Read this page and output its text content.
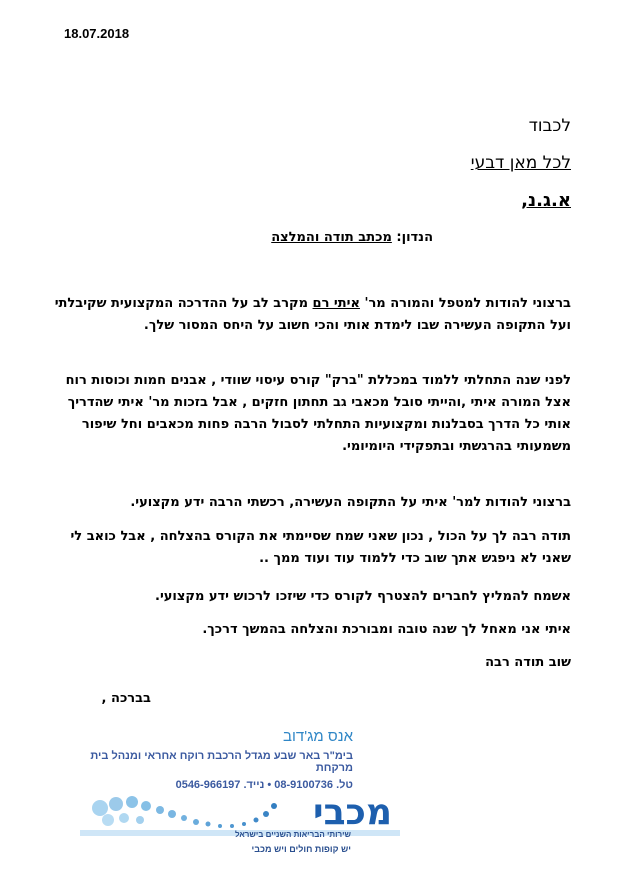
18.07.2018
לכבוד
לכל מאן דבעי
א.ג.נ,
הנדון: מכתב תודה והמלצה
ברצוני להודות למטפל והמורה מר' איתי רם מקרב לב על ההדרכה המקצועית שקיבלתי ועל התקופה העשירה שבו לימדת אותי והכי חשוב על היחס המסור שלך.
לפני שנה התחלתי ללמוד במכללת "ברק" קורס עיסוי שוודי , אבנים חמות וכוסות רוח אצל המורה איתי ,והייתי סובל מכאבי גב תחתון חזקים , אבל בזכות מר' איתי שהדריך אותי כל הדרך בסבלנות ומקצועיות התחלתי לסבול הרבה פחות מכאבים וחל שיפור משמעותי בהרגשתי ובתפקידי היומיומי.
ברצוני להודות למר' איתי על התקופה העשירה, רכשתי הרבה ידע מקצועי.
תודה רבה לך על הכול , נכון שאני שמח שסיימתי את הקורס בהצלחה , אבל כואב לי שאני לא ניפגש אתך שוב כדי ללמוד עוד ועוד ממך ..
אשמח להמליץ לחברים להצטרף לקורס כדי שיזכו לרכוש ידע מקצועי.
איתי אני מאחל לך שנה טובה ומבורכת והצלחה בהמשך דרכך.
שוב תודה רבה
בברכה ,
אנס מג'דוב
בימ"ר באר שבע מגדל הרכבת רוקח אחראי ומנהל בית מרקחת
טל. 08-9100736 • נייד. 0546-966197
מכבי
שירותי הבריאות השניים בישראל
יש קופות חולים ויש מכבי
